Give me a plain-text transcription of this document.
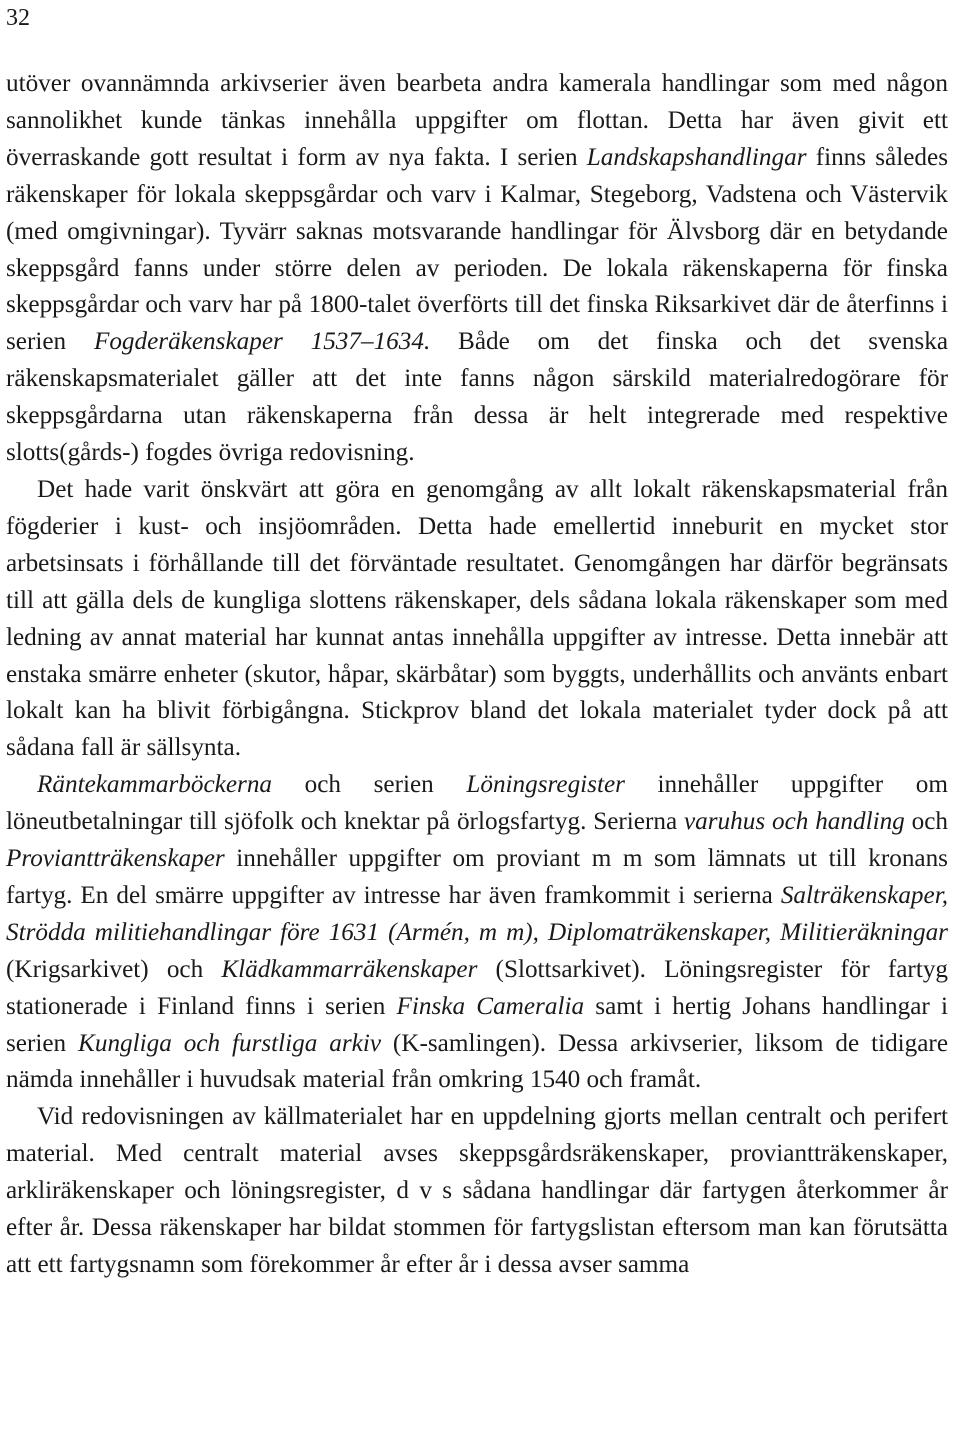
32

utöver ovannämnda arkivserier även bearbeta andra kamerala handlingar som med någon sannolikhet kunde tänkas innehålla uppgifter om flottan. Detta har även givit ett överraskande gott resultat i form av nya fakta. I serien Landskapshandlingar finns således räkenskaper för lokala skeppsgårdar och varv i Kalmar, Stegeborg, Vadstena och Västervik (med omgivningar). Tyvärr saknas motsvarande handlingar för Älvsborg där en betydande skeppsgård fanns under större delen av perioden. De lokala räkenskaperna för finska skeppsgårdar och varv har på 1800-talet överförts till det finska Riksarkivet där de återfinns i serien Fogderäkenskaper 1537–1634. Både om det finska och det svenska räkenskapsmaterialet gäller att det inte fanns någon särskild materialredogörare för skeppsgårdarna utan räkenskaperna från dessa är helt integrerade med respektive slotts(gårds-) fogdes övriga redovisning.

Det hade varit önskvärt att göra en genomgång av allt lokalt räkenskapsmaterial från fögderier i kust- och insjöområden. Detta hade emellertid inneburit en mycket stor arbetsinsats i förhållande till det förväntade resultatet. Genomgången har därför begränsats till att gälla dels de kungliga slottens räkenskaper, dels sådana lokala räkenskaper som med ledning av annat material har kunnat antas innehålla uppgifter av intresse. Detta innebär att enstaka smärre enheter (skutor, håpar, skärbåtar) som byggts, underhållits och använts enbart lokalt kan ha blivit förbigångna. Stickprov bland det lokala materialet tyder dock på att sådana fall är sällsynta.

Räntekammarböckerna och serien Löningsregister innehåller uppgifter om löneutbetalningar till sjöfolk och knektar på örlogsfartyg. Serierna varuhus och handling och Proviantträkenskaper innehåller uppgifter om proviant m m som lämnats ut till kronans fartyg. En del smärre uppgifter av intresse har även framkommit i serierna Salträkenskaper, Strödda militiehandlingar före 1631 (Armén, m m), Diplomaträkenskaper, Militieräkningar (Krigsarkivet) och Klädkammarräkenskaper (Slottsarkivet). Löningsregister för fartyg stationerade i Finland finns i serien Finska Cameralia samt i hertig Johans handlingar i serien Kungliga och furstliga arkiv (K-samlingen). Dessa arkivserier, liksom de tidigare nämda innehåller i huvudsak material från omkring 1540 och framåt.

Vid redovisningen av källmaterialet har en uppdelning gjorts mellan centralt och perifert material. Med centralt material avses skeppsgårdsräkenskaper, proviantträkenskaper, arkliräkenskaper och löningsregister, d v s sådana handlingar där fartygen återkommer år efter år. Dessa räkenskaper har bildat stommen för fartygslistan eftersom man kan förutsätta att ett fartygsnamn som förekommer år efter år i dessa avser samma
